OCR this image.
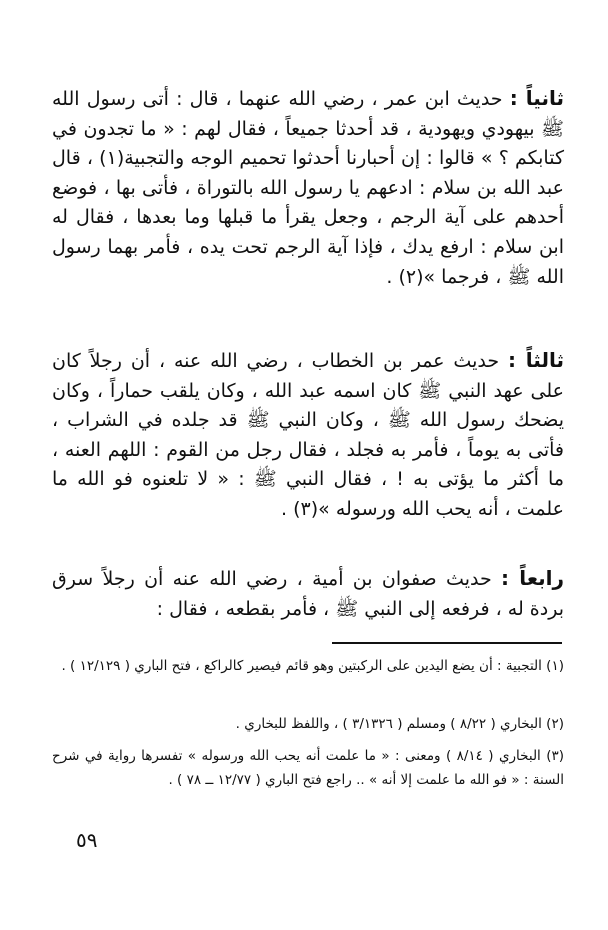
ثانياً : حديث ابن عمر ، رضي الله عنهما ، قال : أتى رسول الله ﷺ بيهودي ويهودية ، قد أحدثا جميعاً ، فقال لهم : « ما تجدون في كتابكم ؟ » قالوا : إن أحبارنا أحدثوا تحميم الوجه والتجبية(١) ، قال عبد الله بن سلام : ادعهم يا رسول الله بالتوراة ، فأتى بها ، فوضع أحدهم على آية الرجم ، وجعل يقرأ ما قبلها وما بعدها ، فقال له ابن سلام : ارفع يدك ، فإذا آية الرجم تحت يده ، فأمر بهما رسول الله ﷺ ، فرجما »(٢) .
ثالثاً : حديث عمر بن الخطاب ، رضي الله عنه ، أن رجلاً كان على عهد النبي ﷺ كان اسمه عبد الله ، وكان يلقب حماراً ، وكان يضحك رسول الله ﷺ ، وكان النبي ﷺ قد جلده في الشراب ، فأتى به يوماً ، فأمر به فجلد ، فقال رجل من القوم : اللهم العنه ، ما أكثر ما يؤتى به ! ، فقال النبي ﷺ : « لا تلعنوه فو الله ما علمت ، أنه يحب الله ورسوله »(٣) .
رابعاً : حديث صفوان بن أمية ، رضي الله عنه أن رجلاً سرق بردة له ، فرفعه إلى النبي ﷺ ، فأمر بقطعه ، فقال :
(١) التجبية : أن يضع اليدين على الركبتين وهو قائم فيصير كالراكع ، فتح الباري ( ١٢/١٢٩ ) .
(٢) البخاري ( ٨/٢٢ ) ومسلم ( ٣/١٣٢٦ ) ، واللفظ للبخاري .
(٣) البخاري ( ٨/١٤ ) ومعنى : « ما علمت أنه يحب الله ورسوله » تفسرها رواية في شرح السنة : « فو الله ما علمت إلا أنه » .. راجع فتح الباري ( ١٢/٧٧ ــ ٧٨ ) .
٥٩
